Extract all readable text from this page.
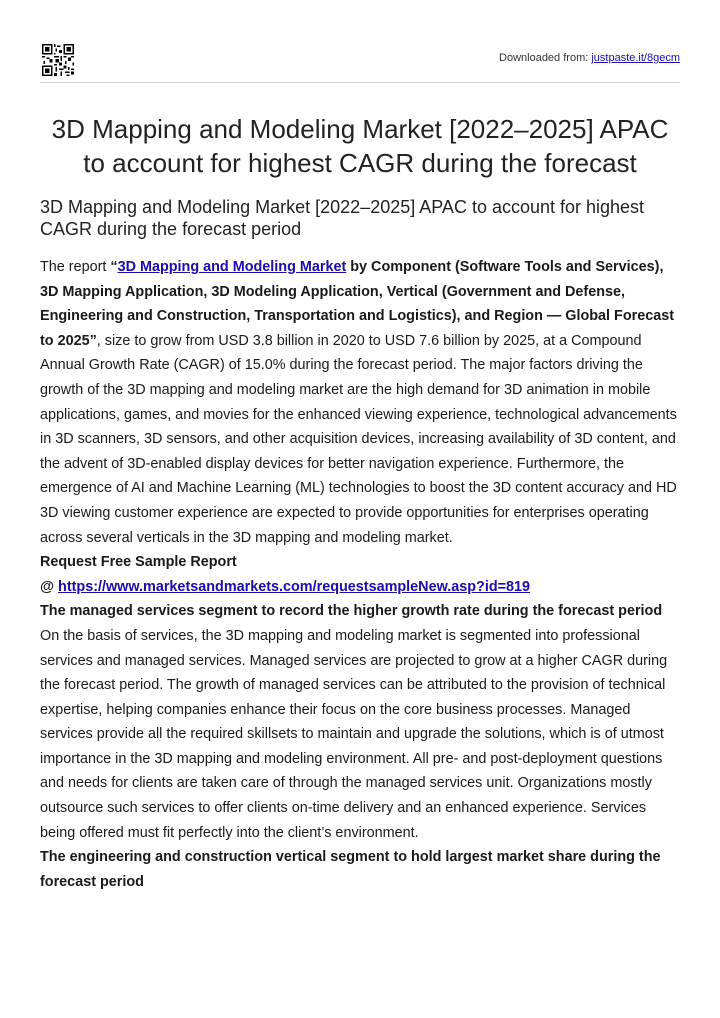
Downloaded from: justpaste.it/8gecm
3D Mapping and Modeling Market [2022–2025] APAC to account for highest CAGR during the forecast
3D Mapping and Modeling Market [2022–2025] APAC to account for highest CAGR during the forecast period

The report “3D Mapping and Modeling Market by Component (Software Tools and Services), 3D Mapping Application, 3D Modeling Application, Vertical (Government and Defense, Engineering and Construction, Transportation and Logistics), and Region — Global Forecast to 2025”, size to grow from USD 3.8 billion in 2020 to USD 7.6 billion by 2025, at a Compound Annual Growth Rate (CAGR) of 15.0% during the forecast period. The major factors driving the growth of the 3D mapping and modeling market are the high demand for 3D animation in mobile applications, games, and movies for the enhanced viewing experience, technological advancements in 3D scanners, 3D sensors, and other acquisition devices, increasing availability of 3D content, and the advent of 3D-enabled display devices for better navigation experience. Furthermore, the emergence of AI and Machine Learning (ML) technologies to boost the 3D content accuracy and HD 3D viewing customer experience are expected to provide opportunities for enterprises operating across several verticals in the 3D mapping and modeling market.

Request Free Sample Report

@ https://www.marketsandmarkets.com/requestsampleNew.asp?id=819

The managed services segment to record the higher growth rate during the forecast period

On the basis of services, the 3D mapping and modeling market is segmented into professional services and managed services. Managed services are projected to grow at a higher CAGR during the forecast period. The growth of managed services can be attributed to the provision of technical expertise, helping companies enhance their focus on the core business processes. Managed services provide all the required skillsets to maintain and upgrade the solutions, which is of utmost importance in the 3D mapping and modeling environment. All pre- and post-deployment questions and needs for clients are taken care of through the managed services unit. Organizations mostly outsource such services to offer clients on-time delivery and an enhanced experience. Services being offered must fit perfectly into the client’s environment.

The engineering and construction vertical segment to hold largest market share during the forecast period
